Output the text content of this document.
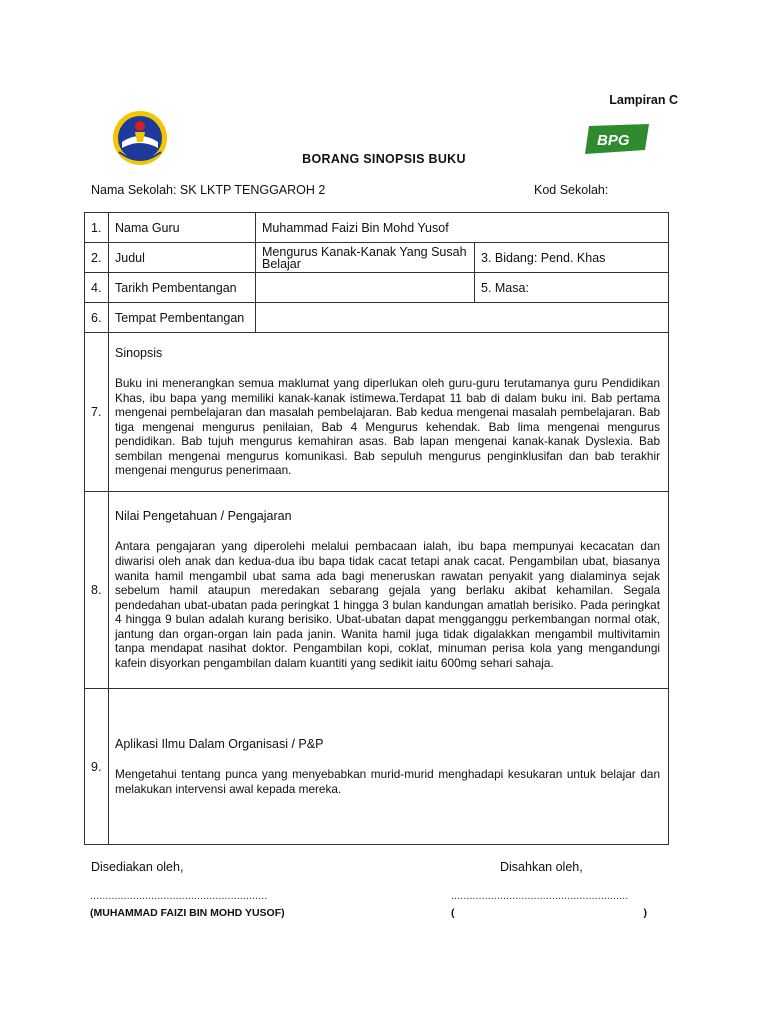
Lampiran C
BPG
BORANG SINOPSIS BUKU
Nama Sekolah: SK LKTP TENGGAROH 2	Kod Sekolah:
1.	Nama Guru	Muhammad Faizi Bin Mohd Yusof	
2.	Judul	Mengurus Kanak-Kanak Yang Susah Belajar	3. Bidang: Pend. Khas
4.	Tarikh Pembentangan		5. Masa:
6.	Tempat Pembentangan		
7.	Sinopsis
Buku ini menerangkan semua maklumat yang diperlukan oleh guru-guru terutamanya guru Pendidikan Khas, ibu bapa yang memiliki kanak-kanak istimewa.Terdapat 11 bab di dalam buku ini. Bab pertama mengenai pembelajaran dan masalah pembelajaran. Bab kedua mengenai masalah pembelajaran. Bab tiga mengenai mengurus penilaian, Bab 4 Mengurus kehendak. Bab lima mengenai mengurus pendidikan. Bab tujuh mengurus kemahiran asas. Bab lapan mengenai kanak-kanak Dyslexia. Bab sembilan mengenai mengurus komunikasi. Bab sepuluh mengurus penginklusifan dan bab terakhir mengenai mengurus penerimaan.		

8.	Nilai Pengetahuan / Pengajaran
Antara pengajaran yang diperolehi melalui pembacaan ialah, ibu bapa mempunyai kecacatan dan diwarisi oleh anak dan kedua-dua ibu bapa tidak cacat tetapi anak cacat. Pengambilan ubat, biasanya wanita hamil mengambil ubat sama ada bagi meneruskan rawatan penyakit yang dialaminya sejak sebelum hamil ataupun meredakan sebarang gejala yang berlaku akibat kehamilan. Segala pendedahan ubat-ubatan pada peringkat 1 hingga 3 bulan kandungan amatlah berisiko. Pada peringkat 4 hingga 9 bulan adalah kurang berisiko. Ubat-ubatan dapat mengganggu perkembangan normal otak, jantung dan organ-organ lain pada janin. Wanita hamil juga tidak digalakkan mengambil multivitamin tanpa mendapat nasihat doktor. Pengambilan kopi, coklat, minuman perisa kola yang mengandungi kafein disyorkan pengambilan dalam kuantiti yang sedikit iaitu 600mg sehari sahaja.		

9.	Aplikasi Ilmu Dalam Organisasi / P&P
Mengetahui tentang punca yang menyebabkan murid-murid menghadapi kesukaran untuk belajar dan melakukan intervensi awal kepada mereka.		
Disediakan oleh,	Disahkan oleh,
..........................................................	..........................................................
(MUHAMMAD FAIZI BIN MOHD YUSOF)	(	)
